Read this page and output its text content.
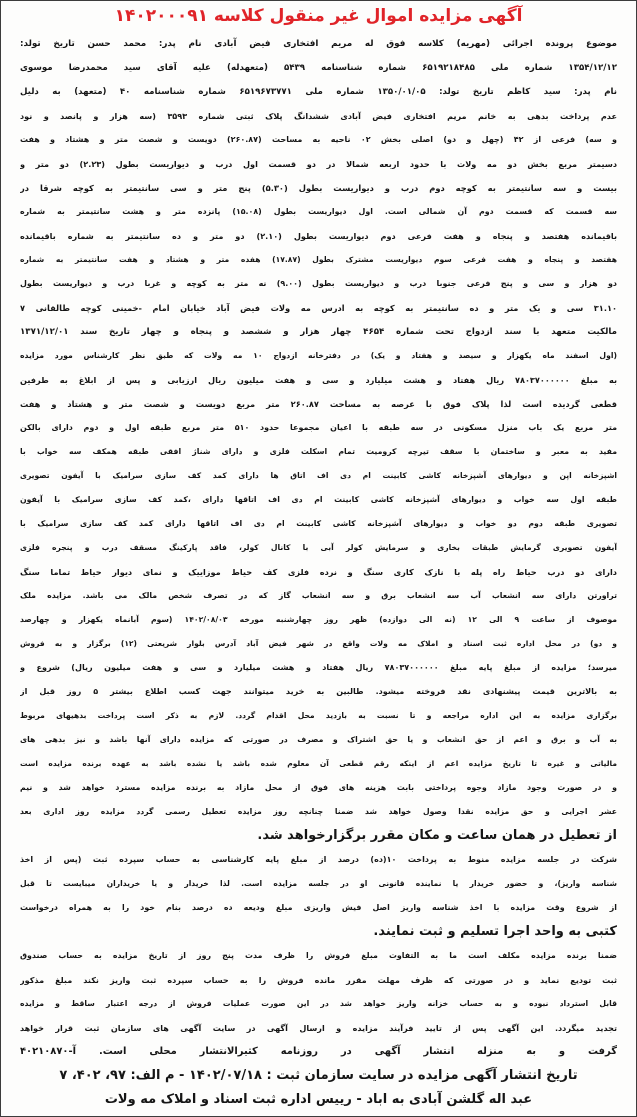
آگهی مزایده اموال غیر منقول کلاسه ۱۴۰۲۰۰۰۹۱
موضوع پرونده اجرائی (مهریه) کلاسه فوق له مریم افتخاری فیض آبادی نام پدر: محمد حسن تاریخ تولد:
۱۳۵۴/۱۲/۱۲ شماره ملی ۶۵۱۹۲۱۸۴۸۵ شماره شناسنامه ۵۴۳۹ (متعهدله) علیه آقای سید محمدرضا موسوی
نام پدر: سید کاظم تاریخ تولد: ۱۳۵۰/۰۱/۰۵ شماره ملی ۶۵۱۹۶۷۳۷۷۱ شماره شناسنامه ۴۰ (متعهد) به دلیل
عدم پرداخت بدهی به خانم مریم افتخاری فیض آبادی ششدانگ پلاک ثبتی شماره ۳۵۹۳ (سه هزار و پانصد و نود
و سه) فرعی از ۴۲ (چهل و دو) اصلی بخش ۰۲ ناحیه به مساحت (۲۶۰.۸۷) دویست و شصت متر و هشتاد و هفت
دسیمتر مربع بخش دو مه ولات با حدود اربعه شمالا در دو قسمت اول درب و دیواریست بطول (۲.۲۳) دو متر و
بیست و سه سانتیمتر به کوچه دوم درب و دیواریست بطول (۵.۳۰) پنج متر و سی سانتیمتر به کوچه شرقا در
سه قسمت که قسمت دوم آن شمالی است. اول دیواریست بطول (۱۵.۰۸) پانزده متر و هشت سانتیمتر به شماره
باقیمانده هفتصد و پنجاه و هفت فرعی دوم دیواریست بطول (۲.۱۰) دو متر و ده سانتیمتر به شماره باقیمانده
هفتصد و پنجاه و هفت فرعی سوم دیواریست مشترک بطول (۱۷.۸۷) هفده متر و هشتاد و هفت سانتیمتر به شماره
دو هزار و سی و پنج فرعی جنوبا درب و دیواریست بطول (۹.۰۰) نه متر به کوچه و غربا درب و دیواریست بطول
۳۱.۱۰ سی و یک متر و ده سانتیمتر به کوچه به ادرس مه ولات فیض آباد خیابان امام -خمینی کوچه طالقانی ۷
مالکیت متعهد با سند ازدواج تحت شماره ۴۶۵۴ چهار هزار و ششصد و پنجاه و چهار تاریخ سند ۱۳۷۱/۱۲/۰۱
(اول اسفند ماه یکهزار و سیصد و هفتاد و یک) در دفترخانه ازدواج ۱۰ مه ولات که طبق نظر کارشناس مورد مزایده
به مبلغ ۷۸۰۳۷۰۰۰۰۰۰ ریال هفتاد و هشت میلیارد و سی و هفت میلیون ریال ارزیابی و پس از ابلاغ به طرفین
قطعی گردیده است لذا پلاک فوق با عرصه به مساحت ۲۶۰.۸۷ متر مربع دویست و شصت متر و هشتاد و هفت
متر مربع یک باب منزل مسکونی در سه طبقه با اعیان مجموعا حدود ۵۱۰ متر مربع طبقه اول و دوم دارای بالکن
مفید به معبر و ساختمان با سقف تیرچه کرومیت تمام اسکلت فلزی و دارای شناژ افقی طبقه همکف سه خواب با
اشپزخانه اپن و دیوارهای آشپزخانه کاشی کابینت ام دی اف اتاق ها دارای کمد کف سازی سرامیک با آیفون تصویری
طبقه اول سه خواب و دیوارهای آشپزخانه کاشی کابینت ام دی اف اتاقها دارای ،کمد کف سازی سرامیک با آیفون
تصویری طبقه دوم دو خواب و دیوارهای آشپزخانه کاشی کابینت ام دی اف اتاقها دارای کمد کف سازی سرامیک با
آیفون تصویری گرمایش طبقات بخاری و سرمایش کولر آبی با کانال کولر، فاقد پارکینگ مسقف درب و پنجره فلزی
دارای دو درب حیاط راه پله با نازک کاری سنگ و نرده فلزی کف حیاط موزاییک و نمای دیوار حیاط تماما سنگ
تراورتن دارای سه انشعاب آب سه انشعاب برق و سه انشعاب گاز که در تصرف شخص مالک می باشد. مزایده ملک
موصوف از ساعت ۹ الی ۱۲ (نه الی دوازده) ظهر روز چهارشنبه مورخه ۱۴۰۲/۰۸/۰۳ (سوم آبانماه یکهزار و چهارصد
و دو) در محل اداره ثبت اسناد و املاک مه ولات واقع در شهر فیض آباد آدرس بلوار شریعتی (۱۲) برگزار و به فروش
میرسد؛ مزایده از مبلغ پایه مبلغ ۷۸۰۳۷۰۰۰۰۰۰ ریال هفتاد و هشت میلیارد و سی و هفت میلیون ریال) شروع و
به بالاترین قیمت پیشنهادی نقد فروخته میشود. طالبین به خرید میتوانند جهت کسب اطلاع بیشتر ۵ روز قبل از
برگزاری مزایده به این اداره مراجعه و تا نسبت به بازدید محل اقدام گردد. لازم به ذکر است پرداخت بدهیهای مربوط
به آب و برق و اعم از حق انشعاب و یا حق اشتراک و مصرف در صورتی که مزایده دارای آنها باشد و نیز بدهی های
مالیاتی و غیره تا تاریخ مزایده اعم از اینکه رقم قطعی آن معلوم شده باشد یا نشده باشد به عهده برنده مزایده است
و در صورت وجود مازاد وجوه پرداختی بابت هزینه های فوق از محل مازاد به برنده مزایده مسترد خواهد شد و نیم
عشر اجرایی و حق مزایده نقدا وصول خواهد شد ضمنا چنانچه روز مزایده تعطیل رسمی گردد مزایده روز اداری بعد
از تعطیل در همان ساعت و مکان مقرر برگزارخواهد شد.
شرکت در جلسه مزایده منوط به پرداخت ۱۰(ده) درصد از مبلغ پایه کارشناسی به حساب سپرده ثبت (پس از اخذ
شناسه واریز)، و حضور خریدار یا نماینده قانونی او در جلسه مزایده است. لذا خریدار و یا خریداران میبایست تا قبل
از شروع وقت مزایده با اخذ شناسه واریز اصل فیش واریزی مبلغ ودیعه ده درصد بنام خود را به همراه درخواست
کتبی به واحد اجرا تسلیم و ثبت نمایند.
ضمنا برنده مزایده مکلف است ما به التفاوت مبلغ فروش را ظرف مدت پنج روز از تاریخ مزایده به حساب صندوق
ثبت تودیع نماید و در صورتی که ظرف مهلت مقرر مانده فروش را به حساب سپرده ثبت واریز نکند مبلغ مذکور
قابل استرداد نبوده و به حساب خزانه واریز خواهد شد در این صورت عملیات فروش از درجه اعتبار ساقط و مزایده
تجدید میگردد. این آگهی پس از تایید فرآیند مزایده و ارسال آگهی در سایت آگهی های سازمان ثبت قرار خواهد
گرفت و به منزله انتشار آگهی در روزنامه کثیرالانتشار محلی است. آ-۴۰۲۱۰۸۷۰
تاریخ انتشار آگهی مزایده در سایت سازمان ثبت : ۱۴۰۲/۰۷/۱۸ - م الف: ۹۷، ۴۰۲، ۷
عبد اله گلشن آبادی به اباد - رییس اداره ثبت اسناد و املاک مه ولات
